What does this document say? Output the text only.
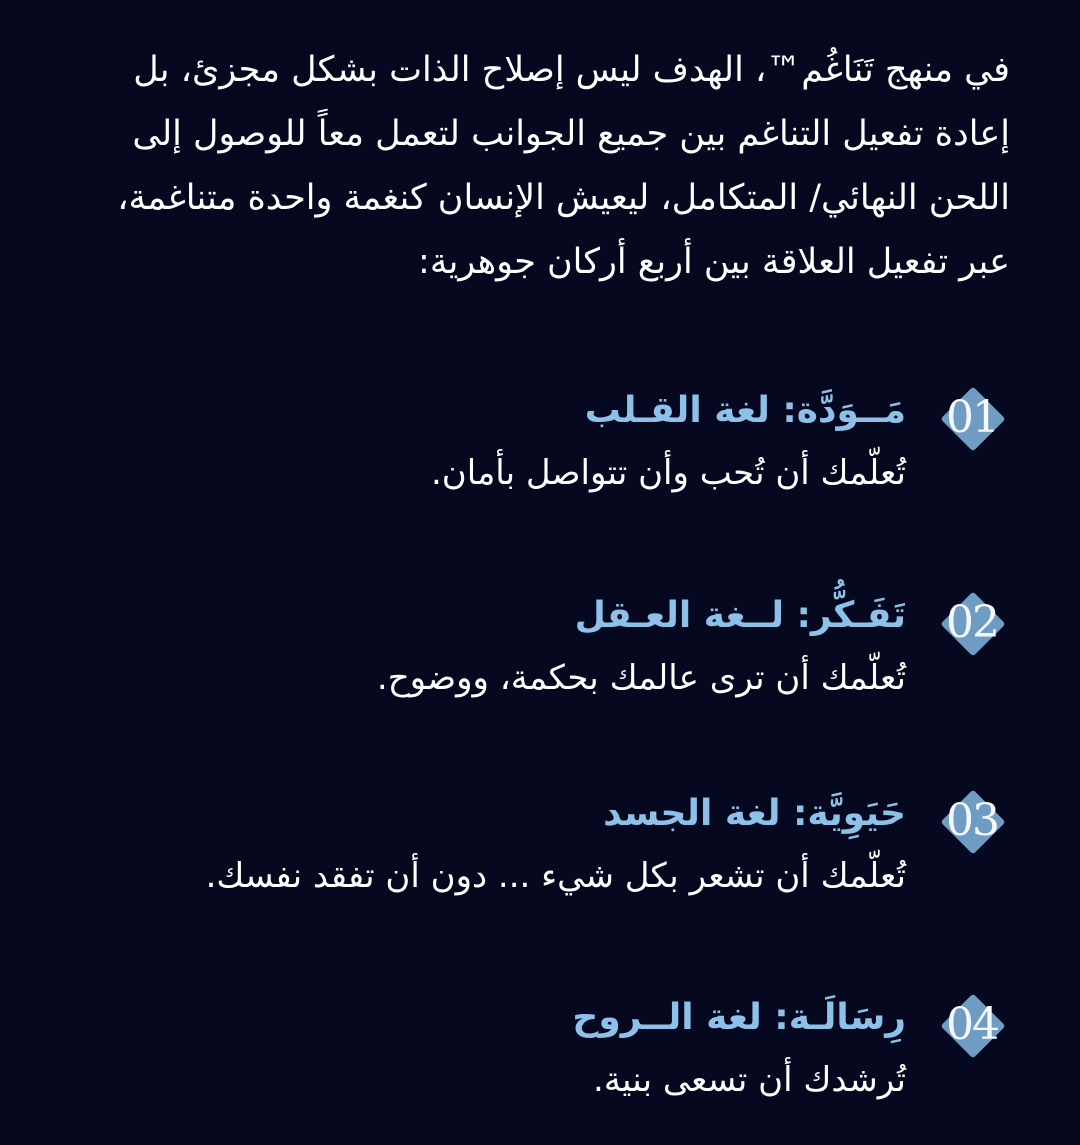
في منهج تَنَاغُم™، الهدف ليس إصلاح الذات بشكل مجزئ، بل
إعادة تفعيل التناغم بين جميع الجوانب لتعمل معاً للوصول إلى
اللحن النهائي/ المتكامل، ليعيش الإنسان كنغمة واحدة متناغمة،
عبر تفعيل العلاقة بين أربع أركان جوهرية:
01
مَــوَدَّة: لغة القـلب
تُعلّمك أن تُحب وأن تتواصل بأمان.
02
تَفَـكُّر: لــغة العـقل
تُعلّمك أن ترى عالمك بحكمة، ووضوح.
03
حَيَوِيَّة: لغة الجسد
تُعلّمك أن تشعر بكل شيء ... دون أن تفقد نفسك.
04
رِسَالَـة: لغة الــروح
تُرشدك أن تسعى بنية.
